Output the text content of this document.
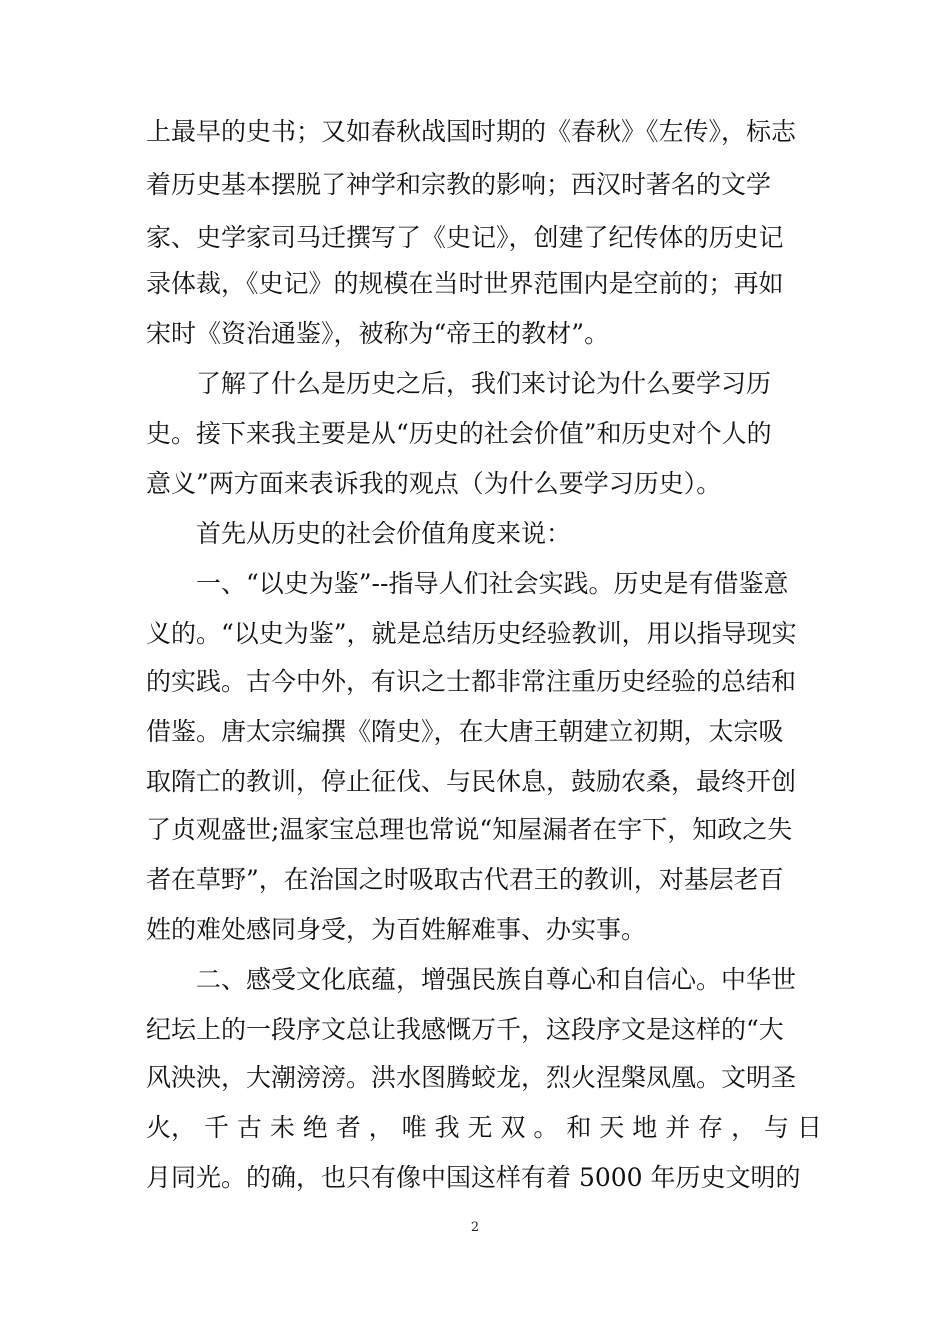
上最早的史书；又如春秋战国时期的《春秋》《左传》，标志
着历史基本摆脱了神学和宗教的影响；西汉时著名的文学
家、史学家司马迁撰写了《史记》，创建了纪传体的历史记
录体裁，《史记》的规模在当时世界范围内是空前的；再如
宋时《资治通鉴》，被称为“帝王的教材”。
了解了什么是历史之后，我们来讨论为什么要学习历
史。接下来我主要是从“历史的社会价值”和历史对个人的
意义”两方面来表诉我的观点（为什么要学习历史）。
首先从历史的社会价值角度来说：
一、“以史为鉴”--指导人们社会实践。历史是有借鉴意
义的。“以史为鉴”，就是总结历史经验教训，用以指导现实
的实践。古今中外，有识之士都非常注重历史经验的总结和
借鉴。唐太宗编撰《隋史》，在大唐王朝建立初期，太宗吸
取隋亡的教训，停止征伐、与民休息，鼓励农桑，最终开创
了贞观盛世;温家宝总理也常说“知屋漏者在宇下，知政之失
者在草野”，在治国之时吸取古代君王的教训，对基层老百
姓的难处感同身受，为百姓解难事、办实事。
二、感受文化底蕴，增强民族自尊心和自信心。中华世
纪坛上的一段序文总让我感慨万千，这段序文是这样的“大
风泱泱，大潮滂滂。洪水图腾蛟龙，烈火涅槃凤凰。文明圣
火， 千 古 未 绝 者 ， 唯 我 无 双 。 和 天 地 并 存 ， 与 日
月同光。的确，也只有像中国这样有着 5000 年历史文明的
2
